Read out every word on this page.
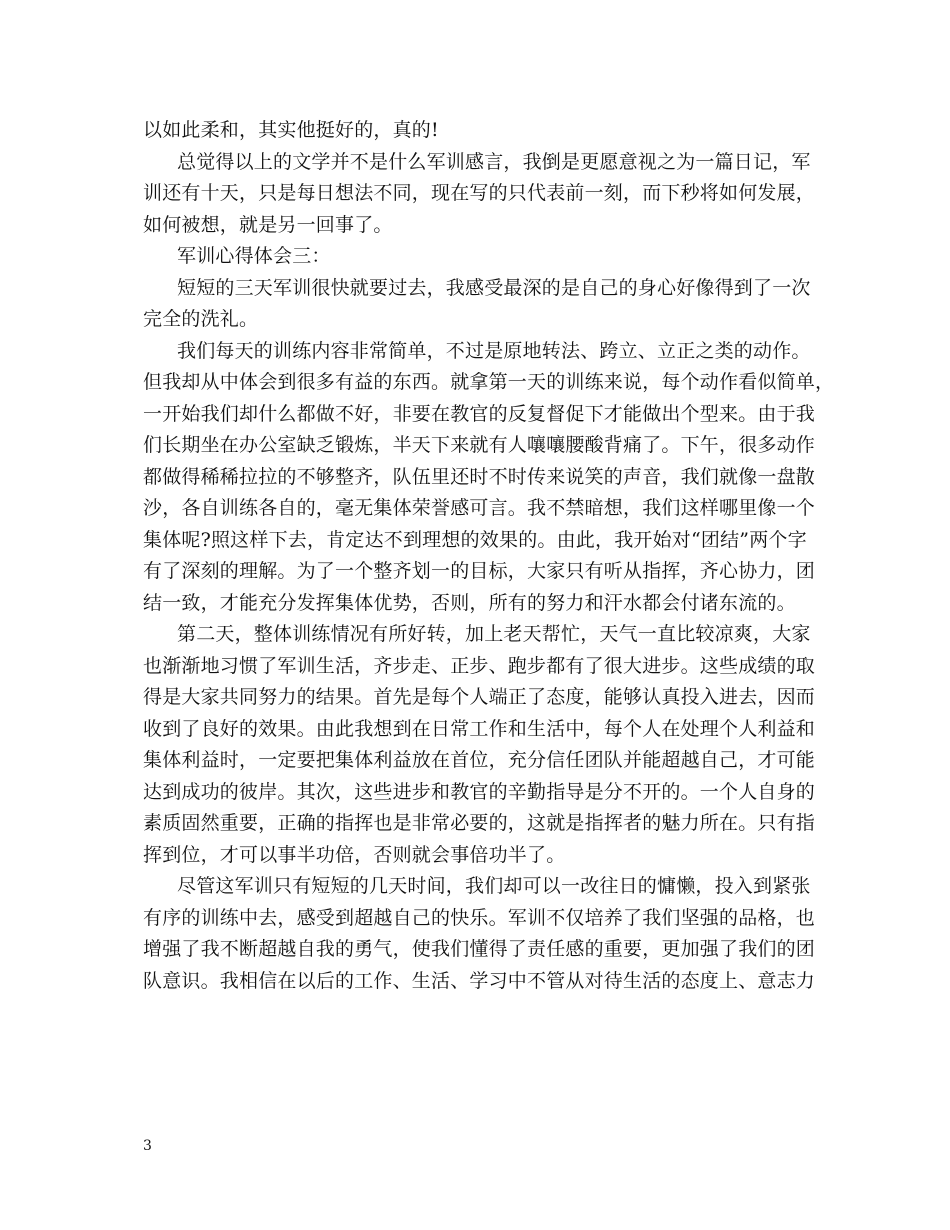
以如此柔和，其实他挺好的，真的!
总觉得以上的文学并不是什么军训感言，我倒是更愿意视之为一篇日记，军
训还有十天，只是每日想法不同，现在写的只代表前一刻，而下秒将如何发展，
如何被想，就是另一回事了。
军训心得体会三：
短短的三天军训很快就要过去，我感受最深的是自己的身心好像得到了一次
完全的洗礼。
我们每天的训练内容非常简单，不过是原地转法、跨立、立正之类的动作。
但我却从中体会到很多有益的东西。就拿第一天的训练来说，每个动作看似简单，
一开始我们却什么都做不好，非要在教官的反复督促下才能做出个型来。由于我
们长期坐在办公室缺乏锻炼，半天下来就有人嚷嚷腰酸背痛了。下午，很多动作
都做得稀稀拉拉的不够整齐，队伍里还时不时传来说笑的声音，我们就像一盘散
沙，各自训练各自的，毫无集体荣誉感可言。我不禁暗想，我们这样哪里像一个
集体呢?照这样下去，肯定达不到理想的效果的。由此，我开始对“团结”两个字
有了深刻的理解。为了一个整齐划一的目标，大家只有听从指挥，齐心协力，团
结一致，才能充分发挥集体优势，否则，所有的努力和汗水都会付诸东流的。
第二天，整体训练情况有所好转，加上老天帮忙，天气一直比较凉爽，大家
也渐渐地习惯了军训生活，齐步走、正步、跑步都有了很大进步。这些成绩的取
得是大家共同努力的结果。首先是每个人端正了态度，能够认真投入进去，因而
收到了良好的效果。由此我想到在日常工作和生活中，每个人在处理个人利益和
集体利益时，一定要把集体利益放在首位，充分信任团队并能超越自己，才可能
达到成功的彼岸。其次，这些进步和教官的辛勤指导是分不开的。一个人自身的
素质固然重要，正确的指挥也是非常必要的，这就是指挥者的魅力所在。只有指
挥到位，才可以事半功倍，否则就会事倍功半了。
尽管这军训只有短短的几天时间，我们却可以一改往日的慵懒，投入到紧张
有序的训练中去，感受到超越自己的快乐。军训不仅培养了我们坚强的品格，也
增强了我不断超越自我的勇气，使我们懂得了责任感的重要，更加强了我们的团
队意识。我相信在以后的工作、生活、学习中不管从对待生活的态度上、意志力
3
